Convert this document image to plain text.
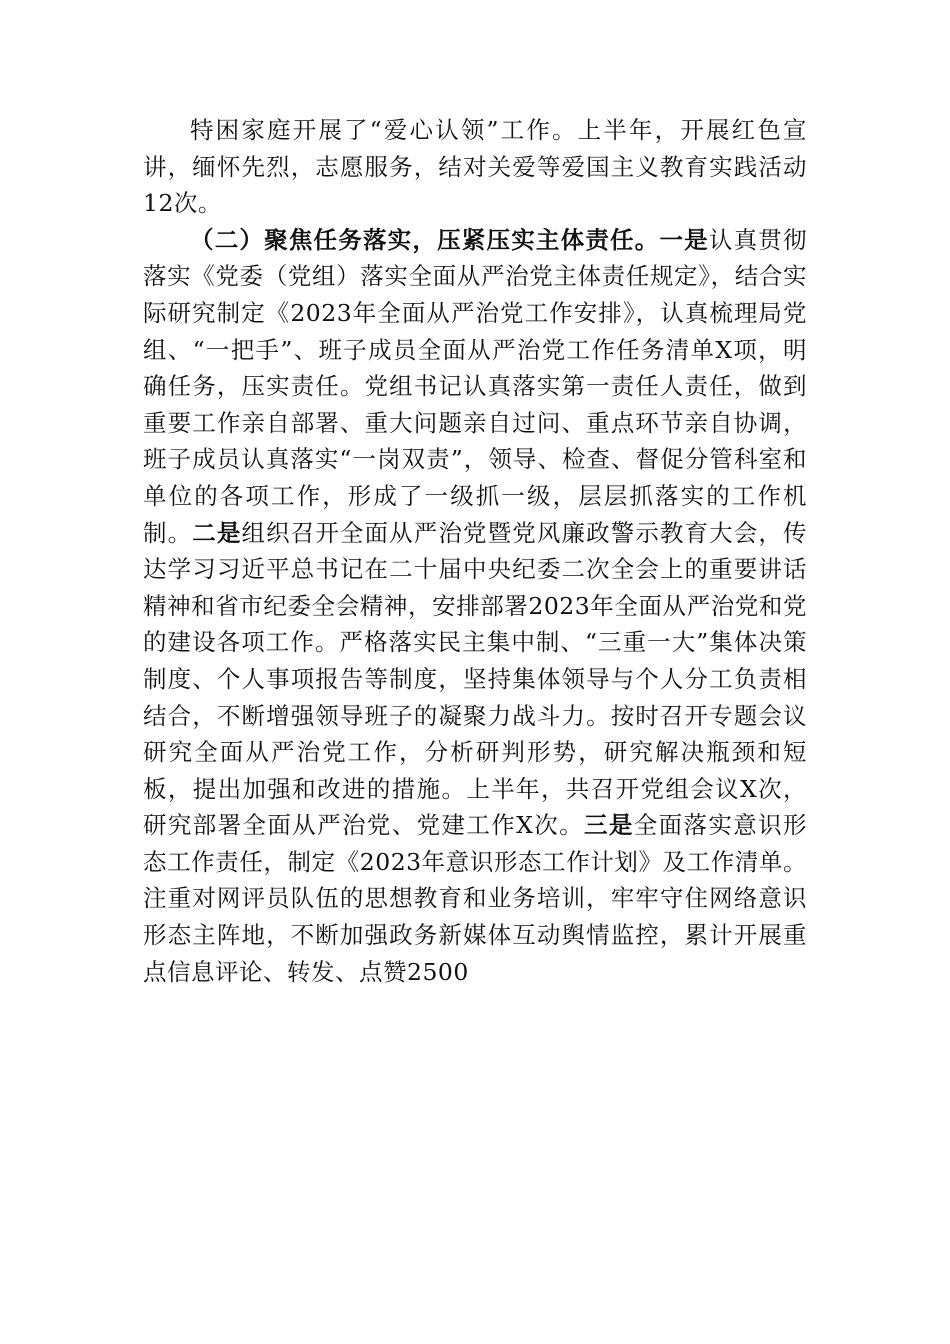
特困家庭开展了“爱心认领”工作。上半年，开展红色宣讲，缅怀先烈，志愿服务，结对关爱等爱国主义教育实践活动12次。

（二）聚焦任务落实，压紧压实主体责任。一是认真贯彻落实《党委（党组）落实全面从严治党主体责任规定》，结合实际研究制定《2023年全面从严治党工作安排》，认真梳理局党组、“一把手”、班子成员全面从严治党工作任务清单X项，明确任务，压实责任。党组书记认真落实第一责任人责任，做到重要工作亲自部署、重大问题亲自过问、重点环节亲自协调，班子成员认真落实“一岗双责”，领导、检查、督促分管科室和单位的各项工作，形成了一级抓一级，层层抓落实的工作机制。二是组织召开全面从严治党暨党风廉政警示教育大会，传达学习习近平总书记在二十届中央纪委二次全会上的重要讲话精神和省市纪委全会精神，安排部署2023年全面从严治党和党的建设各项工作。严格落实民主集中制、“三重一大”集体决策制度、个人事项报告等制度，坚持集体领导与个人分工负责相结合，不断增强领导班子的凝聚力战斗力。按时召开专题会议研究全面从严治党工作，分析研判形势，研究解决瓶颈和短板，提出加强和改进的措施。上半年，共召开党组会议X次，研究部署全面从严治党、党建工作X次。三是全面落实意识形态工作责任，制定《2023年意识形态工作计划》及工作清单。注重对网评员队伍的思想教育和业务培训，牢牢守住网络意识形态主阵地，不断加强政务新媒体互动舆情监控，累计开展重点信息评论、转发、点赞2500
